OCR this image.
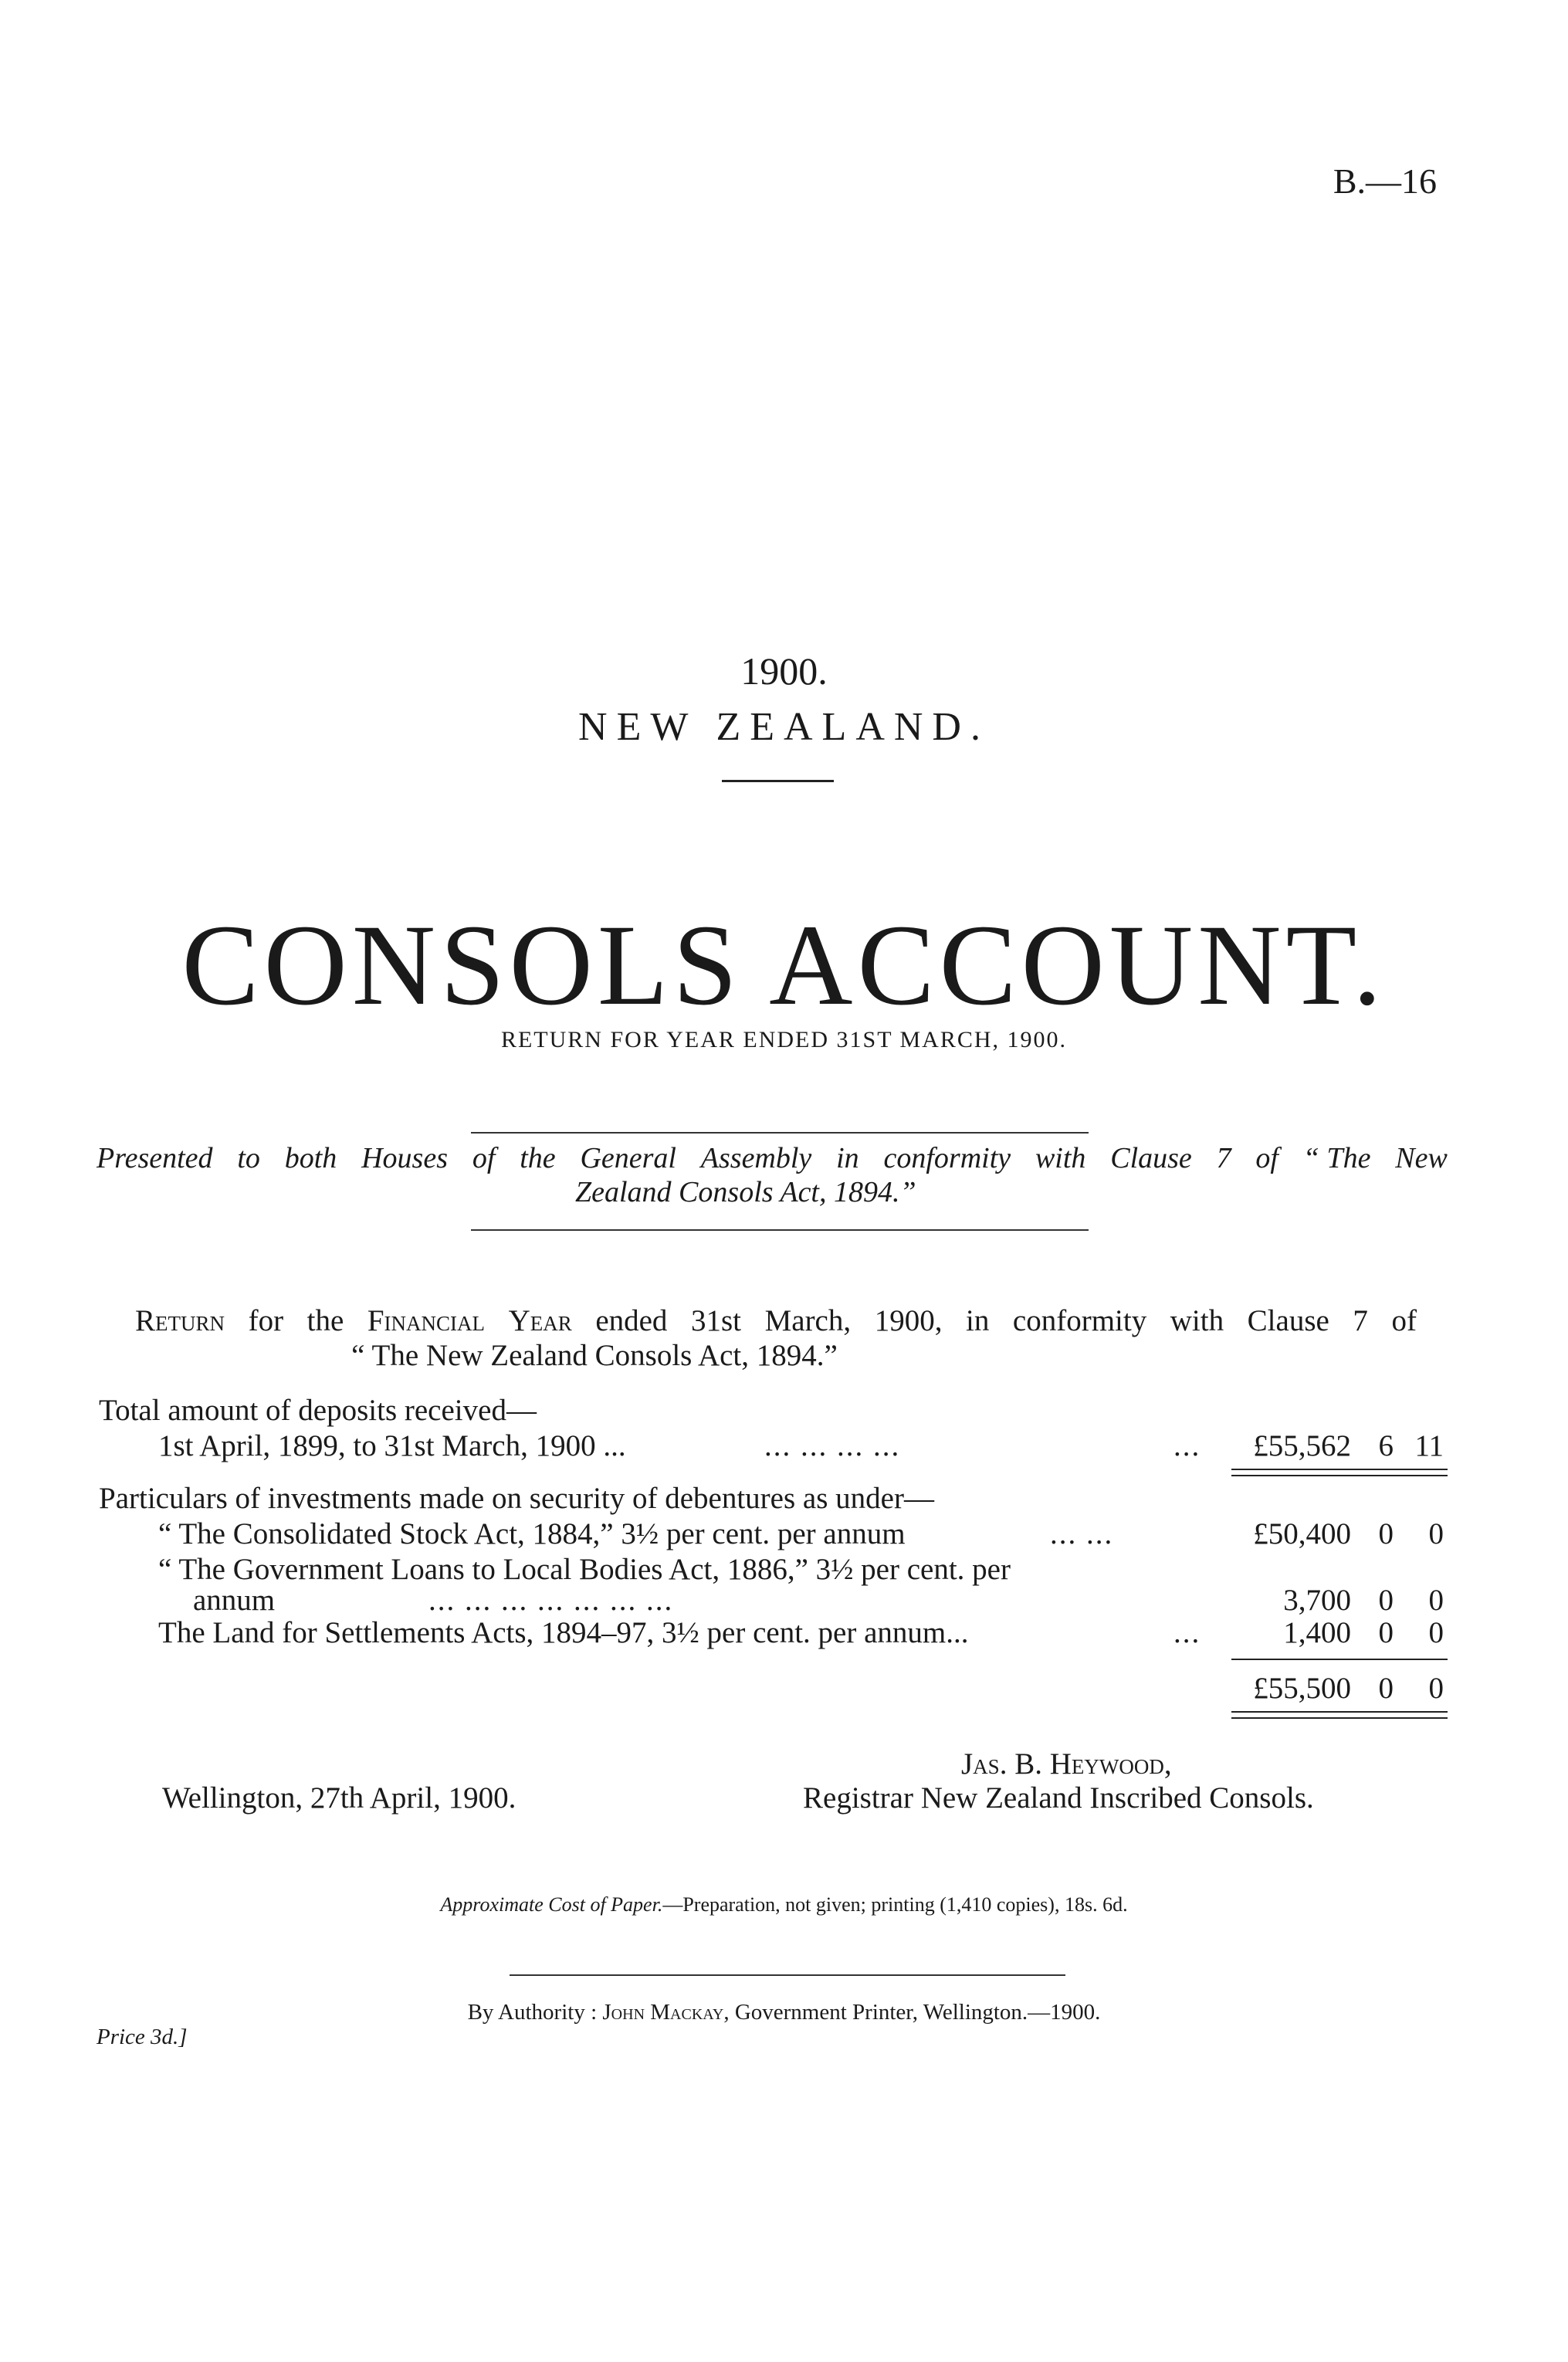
B.—16
1900.
NEW ZEALAND.
CONSOLS ACCOUNT.
RETURN FOR YEAR ENDED 31ST MARCH, 1900.
Presented to both Houses of the General Assembly in conformity with Clause 7 of “ The New
Zealand Consols Act, 1894.”
Return for the Financial Year ended 31st March, 1900, in conformity with Clause 7 of
“ The New Zealand Consols Act, 1894.”
Total amount of deposits received—
1st April, 1899, to 31st March, 1900 ...	... ... ... ...	...	£55,562 6 11
Particulars of investments made on security of debentures as under—
“ The Consolidated Stock Act, 1884,” 3½ per cent. per annum	... ...	£50,400 0	0
“ The Government Loans to Local Bodies Act, 1886,” 3½ per cent. per
annum	... ... ... ... ... ... ...	3,700 0	0
The Land for Settlements Acts, 1894–97, 3½ per cent. per annum...	...	1,400 0	0
£55,500 0	0
Wellington, 27th April, 1900.
Jas. B. Heywood,
Registrar New Zealand Inscribed Consols.
Approximate Cost of Paper.—Preparation, not given; printing (1,410 copies), 18s. 6d.
By Authority : John Mackay, Government Printer, Wellington.—1900.
Price 3d.]
